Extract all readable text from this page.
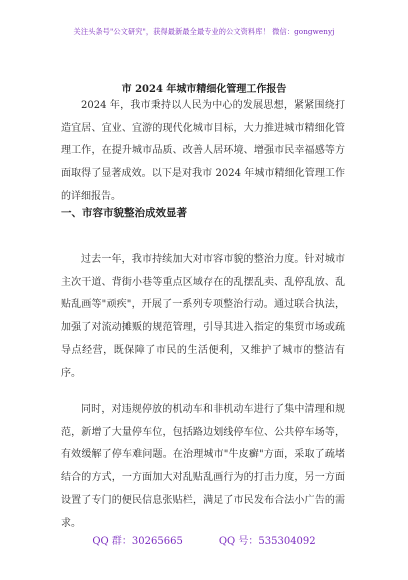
关注头条号"公文研究"，获得最新最全最专业的公文资料库！ 微信：gongwenyj
市 2024 年城市精细化管理工作报告

2024 年，我市秉持以人民为中心的发展思想，紧紧围绕打造宜居、宜业、宜游的现代化城市目标，大力推进城市精细化管理工作，在提升城市品质、改善人居环境、增强市民幸福感等方面取得了显著成效。以下是对我市 2024 年城市精细化管理工作的详细报告。

一、市容市貌整治成效显著

过去一年，我市持续加大对市容市貌的整治力度。针对城市主次干道、背街小巷等重点区域存在的乱摆乱卖、乱停乱放、乱贴乱画等"顽疾"，开展了一系列专项整治行动。通过联合执法，加强了对流动摊贩的规范管理，引导其进入指定的集贸市场或疏导点经营，既保障了市民的生活便利，又维护了城市的整洁有序。

同时，对违规停放的机动车和非机动车进行了集中清理和规范，新增了大量停车位，包括路边划线停车位、公共停车场等，有效缓解了停车难问题。在治理城市"牛皮癣"方面，采取了疏堵结合的方式，一方面加大对乱贴乱画行为的打击力度，另一方面设置了专门的便民信息张贴栏，满足了市民发布合法小广告的需求。

QQ 群：30265665	QQ 号：535304092
